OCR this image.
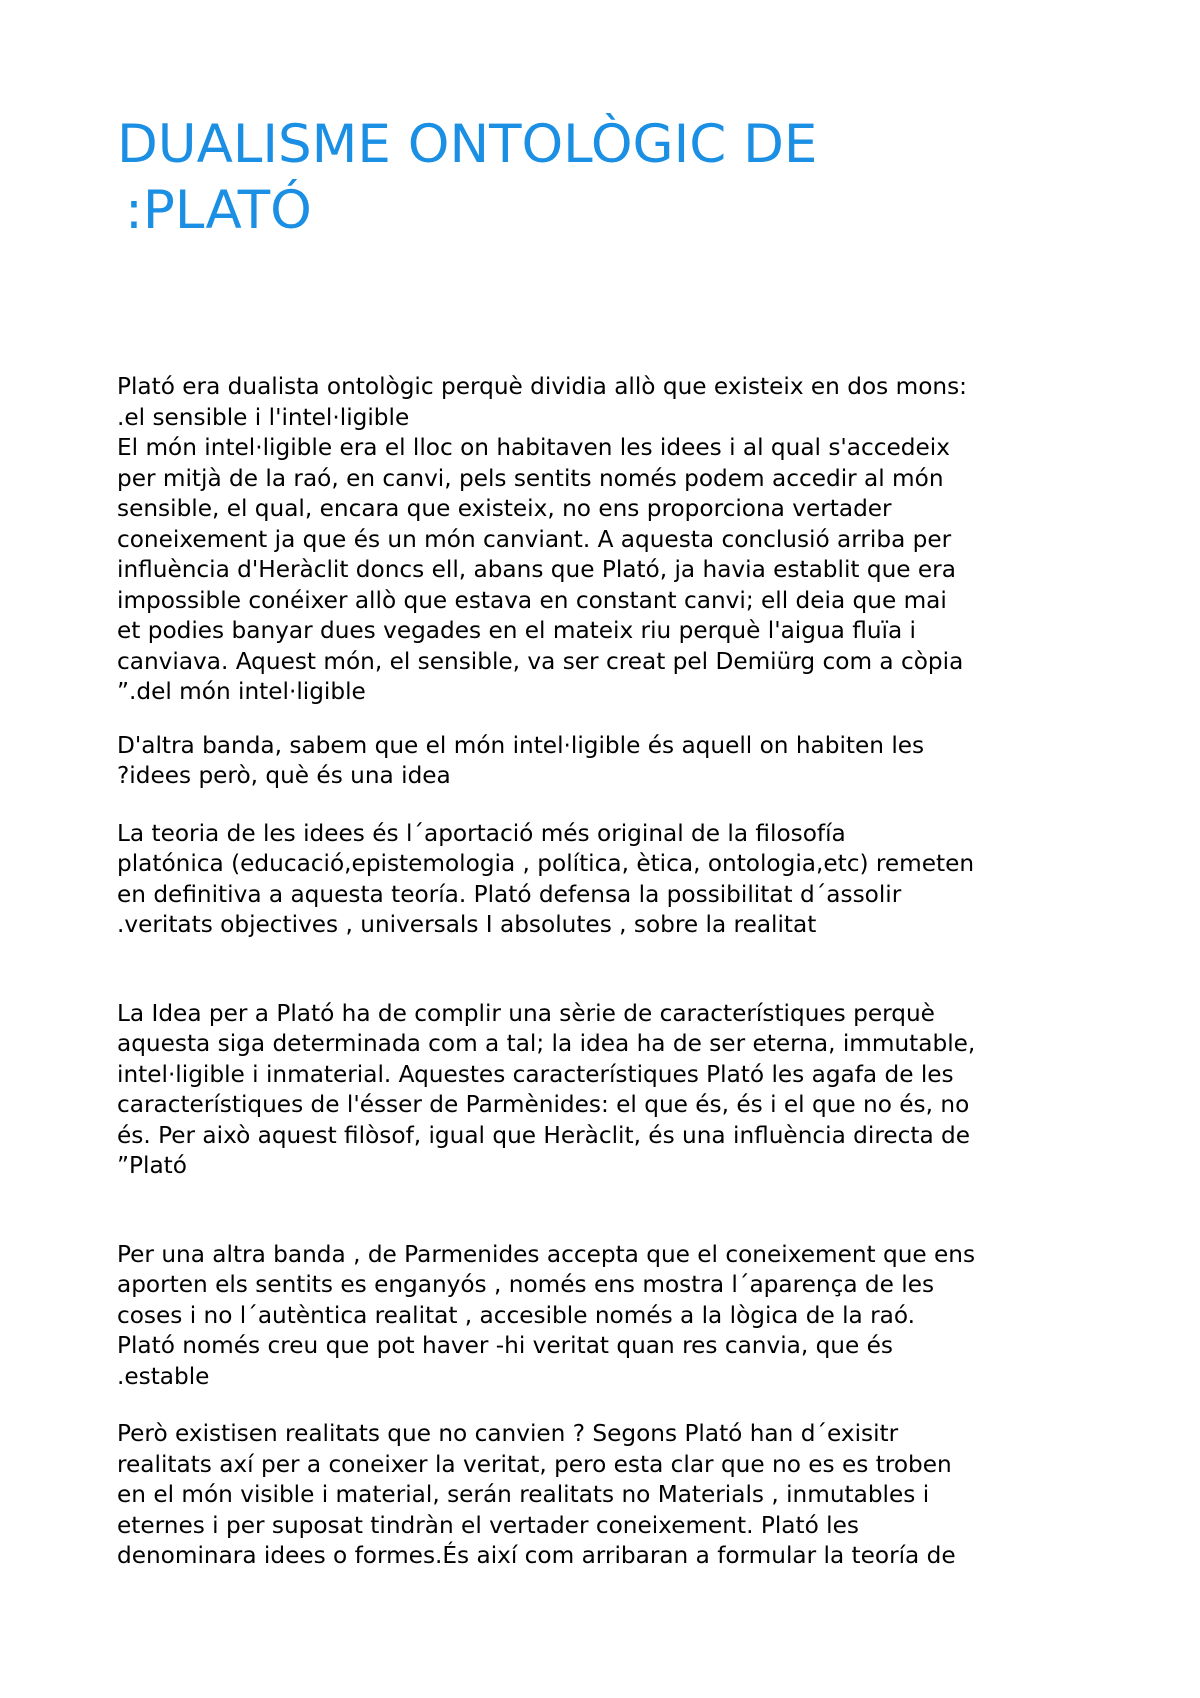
DUALISME ONTOLÒGIC DE
:PLATÓ

Plató era dualista ontològic perquè dividia allò que existeix en dos mons:
.el sensible i l'intel·ligible
El món intel·ligible era el lloc on habitaven les idees i al qual s'accedeix
per mitjà de la raó, en canvi, pels sentits només podem accedir al món
sensible, el qual, encara que existeix, no ens proporciona vertader
coneixement ja que és un món canviant. A aquesta conclusió arriba per
influència d'Heràclit doncs ell, abans que Plató, ja havia establit que era
impossible conéixer allò que estava en constant canvi; ell deia que mai
et podies banyar dues vegades en el mateix riu perquè l'aigua fluïa i
canviava. Aquest món, el sensible, va ser creat pel Demiürg com a còpia
”.del món intel·ligible

D'altra banda, sabem que el món intel·ligible és aquell on habiten les
?idees però, què és una idea

La teoria de les idees és l´aportació més original de la filosofía
platónica (educació,epistemologia , política, ètica, ontologia,etc) remeten
en definitiva a aquesta teoría. Plató defensa la possibilitat d´assolir
.veritats objectives , universals I absolutes , sobre la realitat

La Idea per a Plató ha de complir una sèrie de característiques perquè
aquesta siga determinada com a tal; la idea ha de ser eterna, immutable,
intel·ligible i inmaterial. Aquestes característiques Plató les agafa de les
característiques de l'ésser de Parmènides: el que és, és i el que no és, no
és. Per això aquest filòsof, igual que Heràclit, és una influència directa de
”Plató

Per una altra banda , de Parmenides accepta que el coneixement que ens
aporten els sentits es enganyós , només ens mostra l´aparença de les
coses i no l´autèntica realitat , accesible només a la lògica de la raó.
Plató només creu que pot haver -hi veritat quan res canvia, que és
.estable

Però existisen realitats que no canvien ? Segons Plató han d´exisitr
realitats axí per a coneixer la veritat, pero esta clar que no es es troben
en el món visible i material, serán realitats no Materials , inmutables i
eternes i per suposat tindràn el vertader coneixement. Plató les
denominara idees o formes.És així com arribaran a formular la teoría de
